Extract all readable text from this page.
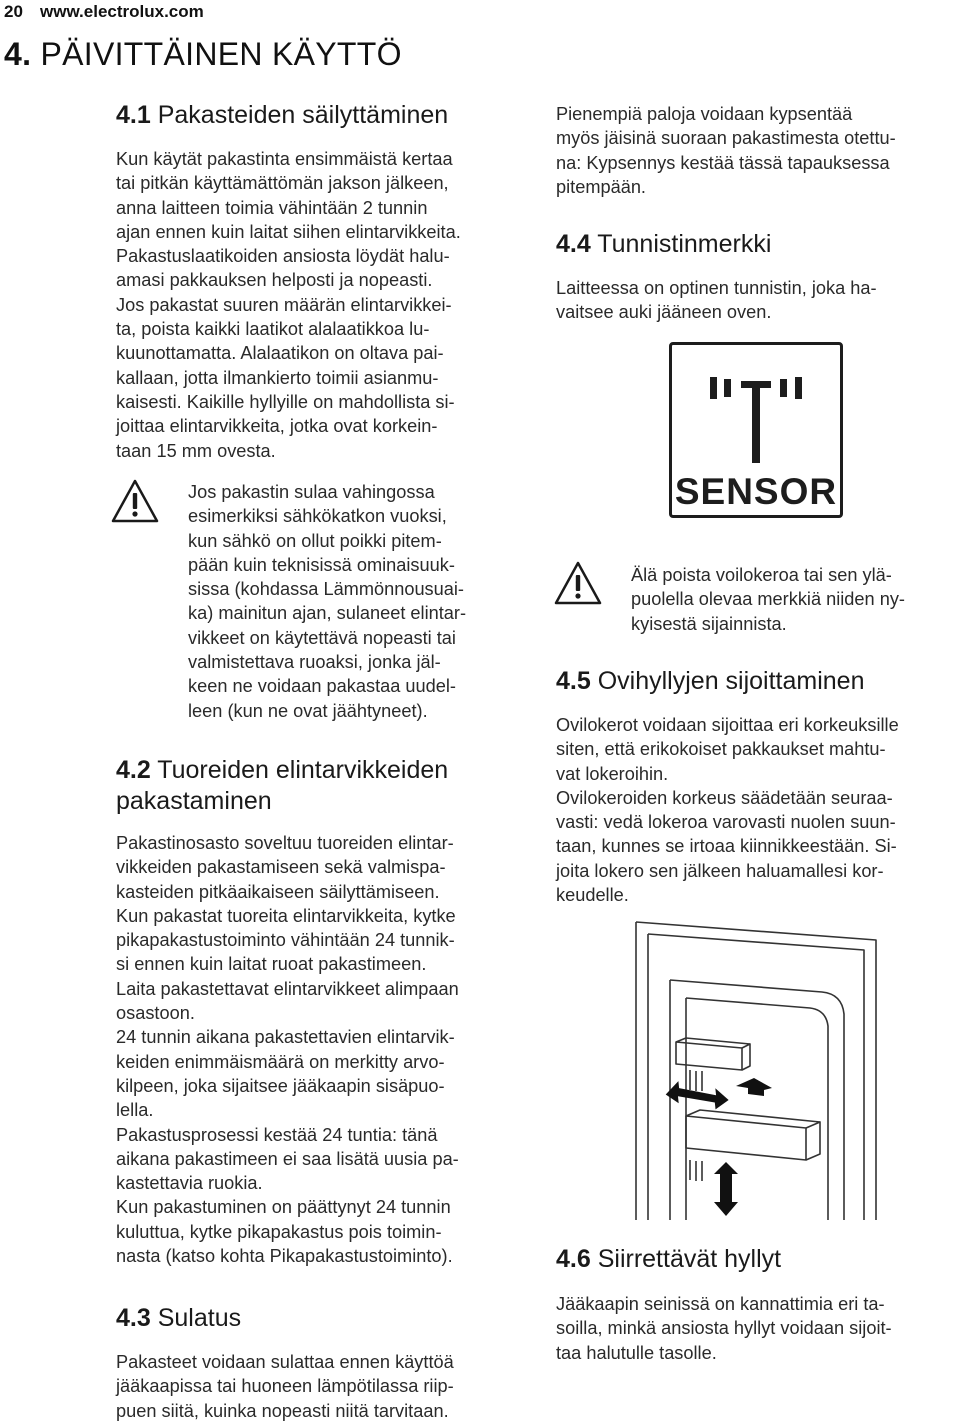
20 www.electrolux.com
4. PÄIVITTÄINEN KÄYTTÖ
4.1 Pakasteiden säilyttäminen
Kun käytät pakastinta ensimmäistä kertaa
tai pitkän käyttämättömän jakson jälkeen,
anna laitteen toimia vähintään 2 tunnin
ajan ennen kuin laitat siihen elintarvikkeita.
Pakastuslaatikoiden ansiosta löydät halu-
amasi pakkauksen helposti ja nopeasti.
Jos pakastat suuren määrän elintarvikkei-
ta, poista kaikki laatikot alalaatikkoa lu-
kuunottamatta. Alalaatikon on oltava pai-
kallaan, jotta ilmankierto toimii asianmu-
kaisesti. Kaikille hyllyille on mahdollista si-
joittaa elintarvikkeita, jotka ovat korkein-
taan 15 mm ovesta.
Jos pakastin sulaa vahingossa
esimerkiksi sähkökatkon vuoksi,
kun sähkö on ollut poikki pitem-
pään kuin teknisissä ominaisuuk-
sissa (kohdassa Lämmönnousuai-
ka) mainitun ajan, sulaneet elintar-
vikkeet on käytettävä nopeasti tai
valmistettava ruoaksi, jonka jäl-
keen ne voidaan pakastaa uudel-
leen (kun ne ovat jäähtyneet).
4.2 Tuoreiden elintarvikkeiden
pakastaminen
Pakastinosasto soveltuu tuoreiden elintar-
vikkeiden pakastamiseen sekä valmispa-
kasteiden pitkäaikaiseen säilyttämiseen.
Kun pakastat tuoreita elintarvikkeita, kytke
pikapakastustoiminto vähintään 24 tunnik-
si ennen kuin laitat ruoat pakastimeen.
Laita pakastettavat elintarvikkeet alimpaan
osastoon.
24 tunnin aikana pakastettavien elintarvik-
keiden enimmäismäärä on merkitty arvo-
kilpeen, joka sijaitsee jääkaapin sisäpuo-
lella.
Pakastusprosessi kestää 24 tuntia: tänä
aikana pakastimeen ei saa lisätä uusia pa-
kastettavia ruokia.
Kun pakastuminen on päättynyt 24 tunnin
kuluttua, kytke pikapakastus pois toimin-
nasta (katso kohta Pikapakastustoiminto).
4.3 Sulatus
Pakasteet voidaan sulattaa ennen käyttöä
jääkaapissa tai huoneen lämpötilassa riip-
puen siitä, kuinka nopeasti niitä tarvitaan.
Pienempiä paloja voidaan kypsentää
myös jäisinä suoraan pakastimesta otettu-
na: Kypsennys kestää tässä tapauksessa
pitempään.
4.4 Tunnistinmerkki
Laitteessa on optinen tunnistin, joka ha-
vaitsee auki jääneen oven.
SENSOR
Älä poista voilokeroa tai sen ylä-
puolella olevaa merkkiä niiden ny-
kyisestä sijainnista.
4.5 Ovihyllyjen sijoittaminen
Ovilokerot voidaan sijoittaa eri korkeuksille
siten, että erikokoiset pakkaukset mahtu-
vat lokeroihin.
Ovilokeroiden korkeus säädetään seuraa-
vasti: vedä lokeroa varovasti nuolen suun-
taan, kunnes se irtoaa kiinnikkeestään. Si-
joita lokero sen jälkeen haluamallesi kor-
keudelle.
4.6 Siirrettävät hyllyt
Jääkaapin seinissä on kannattimia eri ta-
soilla, minkä ansiosta hyllyt voidaan sijoit-
taa halutulle tasolle.
